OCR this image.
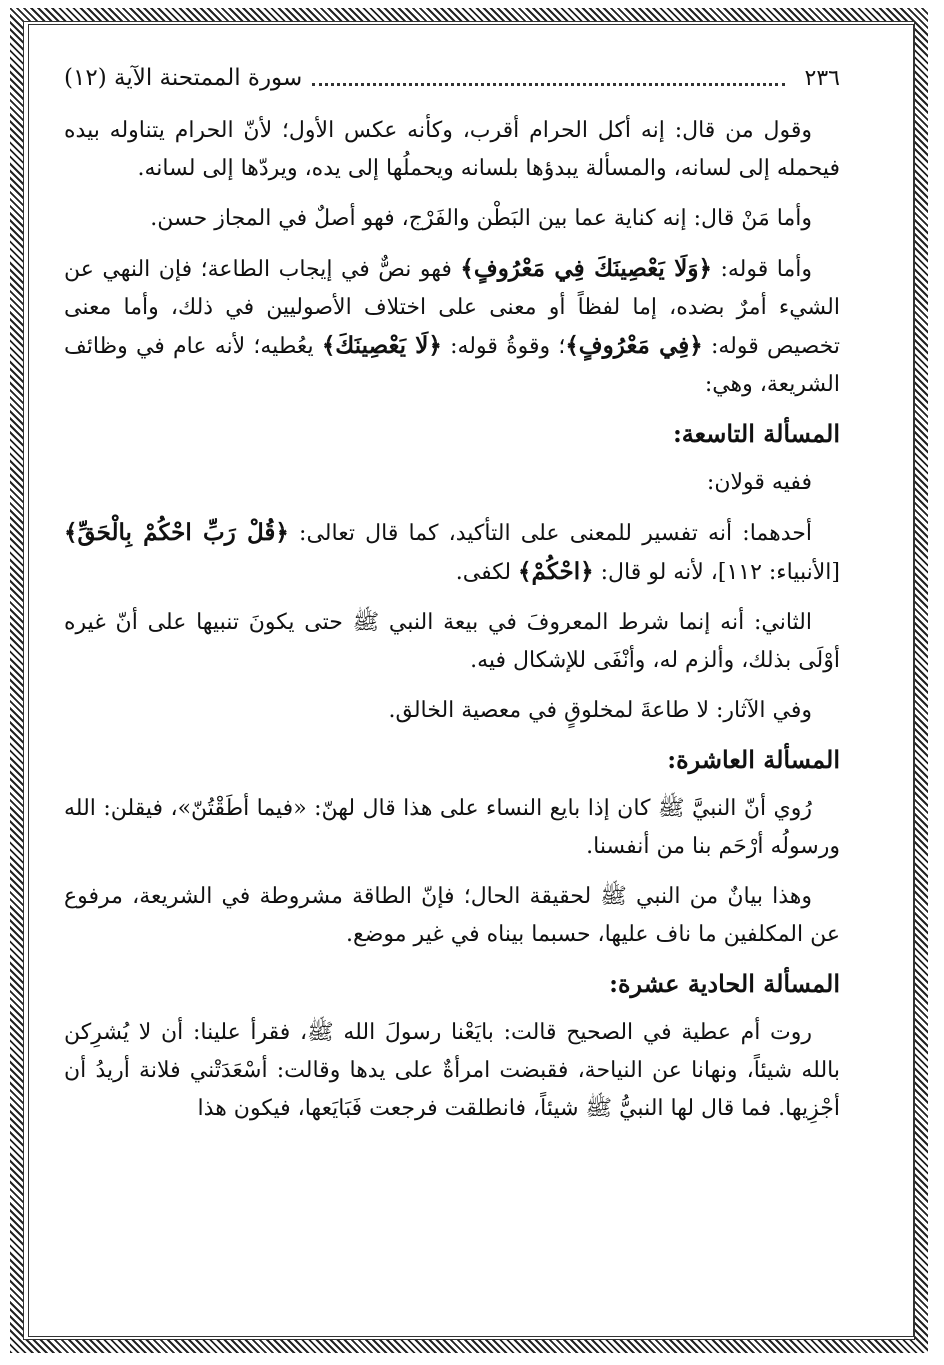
٢٣٦
سورة الممتحنة الآية (١٢)

وقول من قال: إنه أكل الحرام أقرب، وكأنه عكس الأول؛ لأنّ الحرام يتناوله بيده فيحمله إلى لسانه، والمسألة يبدؤها بلسانه ويحملُها إلى يده، ويردّها إلى لسانه.

وأما مَنْ قال: إنه كناية عما بين البَطْن والفَرْج، فهو أصلٌ في المجاز حسن.

وأما قوله: ﴿وَلَا يَعْصِينَكَ فِي مَعْرُوفٍ﴾ فهو نصٌّ في إيجاب الطاعة؛ فإن النهي عن الشيء أمرٌ بضده، إما لفظاً أو معنى على اختلاف الأصوليين في ذلك، وأما معنى تخصيص قوله: ﴿فِي مَعْرُوفٍ﴾؛ وقوةُ قوله: ﴿لَا يَعْصِينَكَ﴾ يعُطيه؛ لأنه عام في وظائف الشريعة، وهي:

المسألة التاسعة:

ففيه قولان:

أحدهما: أنه تفسير للمعنى على التأكيد، كما قال تعالى: ﴿قُلْ رَبِّ احْكُمْ بِالْحَقِّ﴾ [الأنبياء: ١١٢]، لأنه لو قال: ﴿احْكُمْ﴾ لكفى.

الثاني: أنه إنما شرط المعروفَ في بيعة النبي ﷺ حتى يكونَ تنبيها على أنّ غيره أوْلَى بذلك، وألزم له، وأنْفَى للإشكال فيه.

وفي الآثار: لا طاعةَ لمخلوقٍ في معصية الخالق.

المسألة العاشرة:

رُوي أنّ النبيَّ ﷺ كان إذا بايع النساء على هذا قال لهنّ: «فيما أطَقْتُنّ»، فيقلن: الله ورسولُه أرْحَم بنا من أنفسنا.

وهذا بيانٌ من النبي ﷺ لحقيقة الحال؛ فإنّ الطاقة مشروطة في الشريعة، مرفوع عن المكلفين ما ناف عليها، حسبما بيناه في غير موضع.

المسألة الحادية عشرة:

روت أم عطية في الصحيح قالت: بايَعْنا رسولَ الله ﷺ، فقرأ علينا: أن لا يُشرِكن بالله شيئاً، ونهانا عن النياحة، فقبضت امرأةٌ على يدها وقالت: أسْعَدَتْني فلانة أريدُ أن أجْزِيها. فما قال لها النبيُّ ﷺ شيئاً، فانطلقت فرجعت فَبَايَعها، فيكون هذا
